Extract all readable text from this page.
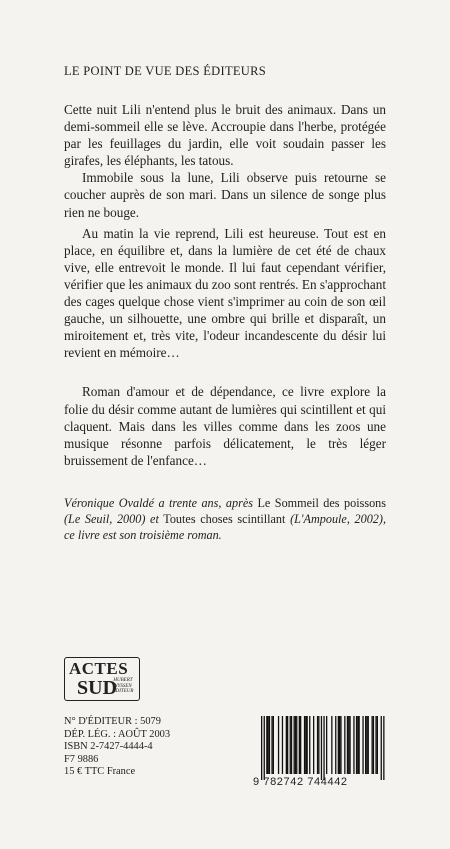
LE POINT DE VUE DES ÉDITEURS

Cette nuit Lili n'entend plus le bruit des animaux. Dans un demi-sommeil elle se lève. Accroupie dans l'herbe, protégée par les feuillages du jardin, elle voit soudain passer les girafes, les éléphants, les tatous.

Immobile sous la lune, Lili observe puis retourne se coucher auprès de son mari. Dans un silence de songe plus rien ne bouge.

Au matin la vie reprend, Lili est heureuse. Tout est en place, en équilibre et, dans la lumière de cet été de chaux vive, elle entrevoit le monde. Il lui faut cependant vérifier, vérifier que les animaux du zoo sont rentrés. En s'approchant des cages quelque chose vient s'imprimer au coin de son œil gauche, un silhouette, une ombre qui brille et disparaît, un miroitement et, très vite, l'odeur incandescente du désir lui revient en mémoire…

Roman d'amour et de dépendance, ce livre explore la folie du désir comme autant de lumières qui scintillent et qui claquent. Mais dans les villes comme dans les zoos une musique résonne parfois délicatement, le très léger bruissement de l'enfance…

Véronique Ovaldé a trente ans, après Le Sommeil des poissons (Le Seuil, 2000) et Toutes choses scintillant (L'Ampoule, 2002), ce livre est son troisième roman.

ACTES
SUD
HUBERT NYSSEN ÉDITEUR
N° D'ÉDITEUR : 5079
DÉP. LÉG. : AOÛT 2003
ISBN 2-7427-4444-4
F7 9886
15 € TTC France
9 782742 744442
